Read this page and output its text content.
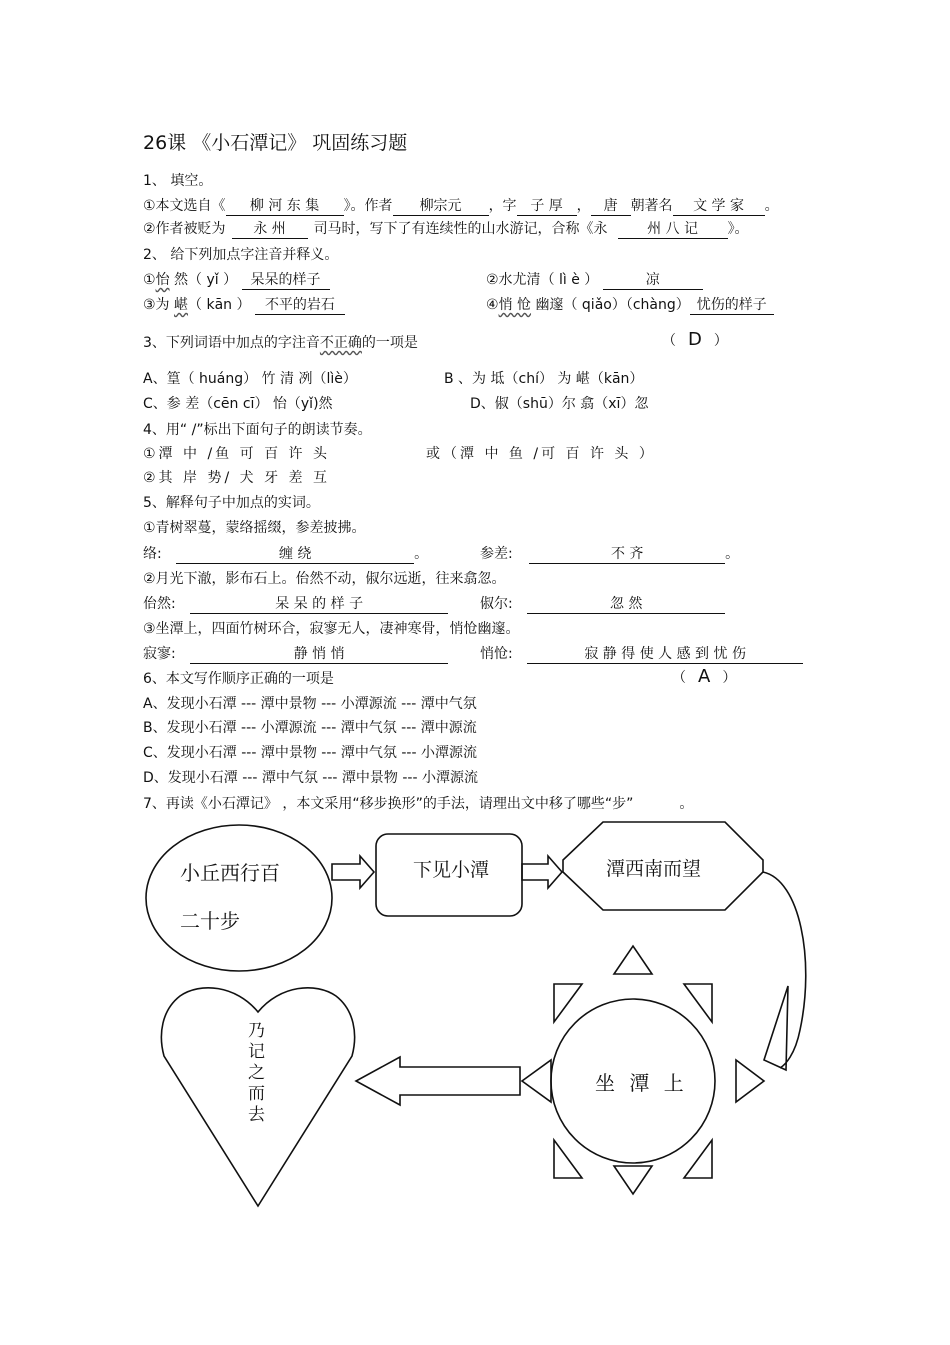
26课 《小石潭记》 巩固练习题
1、 填空。
①本文选自《 柳 河 东 集 》。作者 柳宗元 ，字 子 厚 ， 唐 朝著名 文 学 家 。
②作者被贬为 永 州 司马时，写下了有连续性的山水游记，合称《永	州 八 记 》。
2、 给下列加点字注音并释义。
①怡 然（ yǐ ） 呆呆的样子	②水尤清（ lì è ）	凉
③为 嵁（ kān ） 不平的岩石	④悄 怆 幽邃（ qiǎo）（chàng） 忧伤的样子
3、下列词语中加点的字注音不正确的一项是	（ D ）
A、篁（ huáng） 竹 清 冽（lìè）	B 、为 坻（chí） 为 嵁（kān）
C、参 差（cēn cī） 怡（yǐ)然	D、俶（shū）尔 翕（xī）忽
4、用“ /”标出下面句子的朗读节奏。
①潭 中 /鱼 可 百 许 头	或（潭 中 鱼 /可 百 许 头 ）
②其 岸 势/ 犬 牙 差 互
5、解释句子中加点的实词。
①青树翠蔓，蒙络摇缀，参差披拂。
络:	缠 绕	。	参差:	不 齐	。
②月光下澈，影布石上。佁然不动，俶尔远逝，往来翕忽。
佁然:	呆 呆 的 样 子	俶尔:	忽 然
③坐潭上，四面竹树环合，寂寥无人，凄神寒骨，悄怆幽邃。
寂寥:	静 悄 悄	悄怆:	寂 静 得 使 人 感 到 忧 伤
6、本文写作顺序正确的一项是	（ A ）
A、发现小石潭 --- 潭中景物 --- 小潭源流 --- 潭中气氛
B、发现小石潭 --- 小潭源流 --- 潭中气氛 --- 潭中源流
C、发现小石潭 --- 潭中景物 --- 潭中气氛 --- 小潭源流
D、发现小石潭 --- 潭中气氛 --- 潭中景物 --- 小潭源流
7、再读《小石潭记》 ，本文采用“移步换形”的手法，请理出文中移了哪些“步”	。
小丘西行百
二十步
下见小潭	潭西南而望
坐 潭 上
乃
记
之
而
去
